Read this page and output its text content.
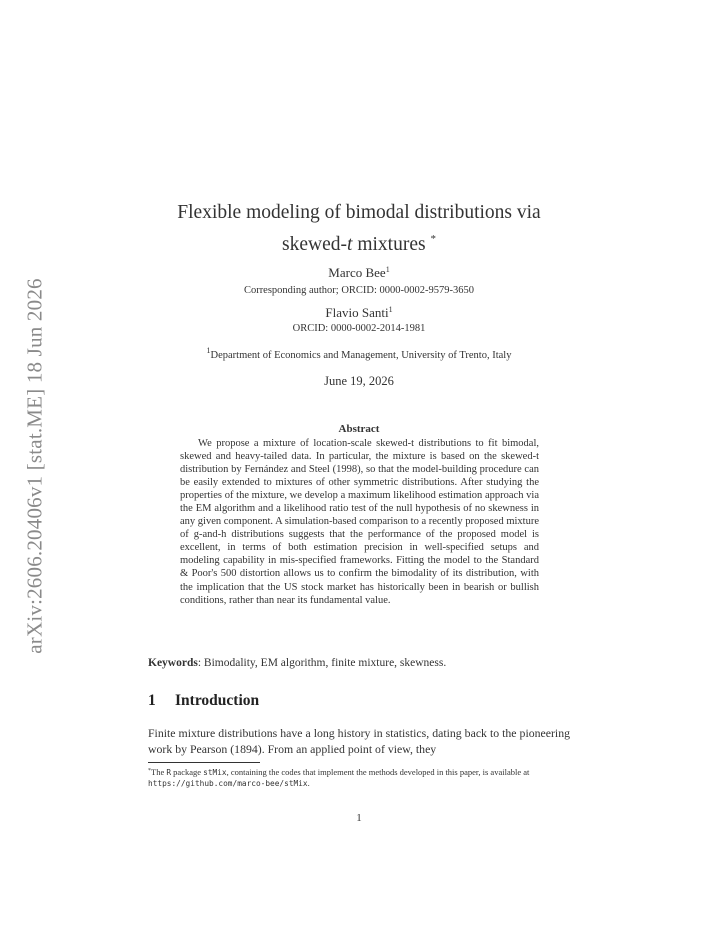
arXiv:2606.20406v1 [stat.ME] 18 Jun 2026
Flexible modeling of bimodal distributions via
skewed-t mixtures *
Marco Bee$^1$
Corresponding author; ORCID: 0000-0002-9579-3650
Flavio Santi$^1$
ORCID: 0000-0002-2014-1981
$^1$Department of Economics and Management, University of Trento, Italy
June 19, 2026
Abstract
We propose a mixture of location-scale skewed-t distributions to fit bimodal, skewed and heavy-tailed data. In particular, the mixture is based on the skewed-t distribution by Fernández and Steel (1998), so that the model-building procedure can be easily extended to mixtures of other symmetric distributions. After studying the properties of the mixture, we develop a maximum likelihood estimation approach via the EM algorithm and a likelihood ratio test of the null hypothesis of no skewness in any given component. A simulation-based comparison to a recently proposed mixture of g-and-h distributions suggests that the performance of the proposed model is excellent, in terms of both estimation precision in well-specified setups and modeling capability in mis-specified frameworks. Fitting the model to the Standard & Poor's 500 distortion allows us to confirm the bimodality of its distribution, with the implication that the US stock market has historically been in bearish or bullish conditions, rather than near its fundamental value.
Keywords: Bimodality, EM algorithm, finite mixture, skewness.
1 Introduction
Finite mixture distributions have a long history in statistics, dating back to the pioneering work by Pearson (1894). From an applied point of view, they
*The R package stMix, containing the codes that implement the methods developed in this paper, is available at https://github.com/marco-bee/stMix.
1
